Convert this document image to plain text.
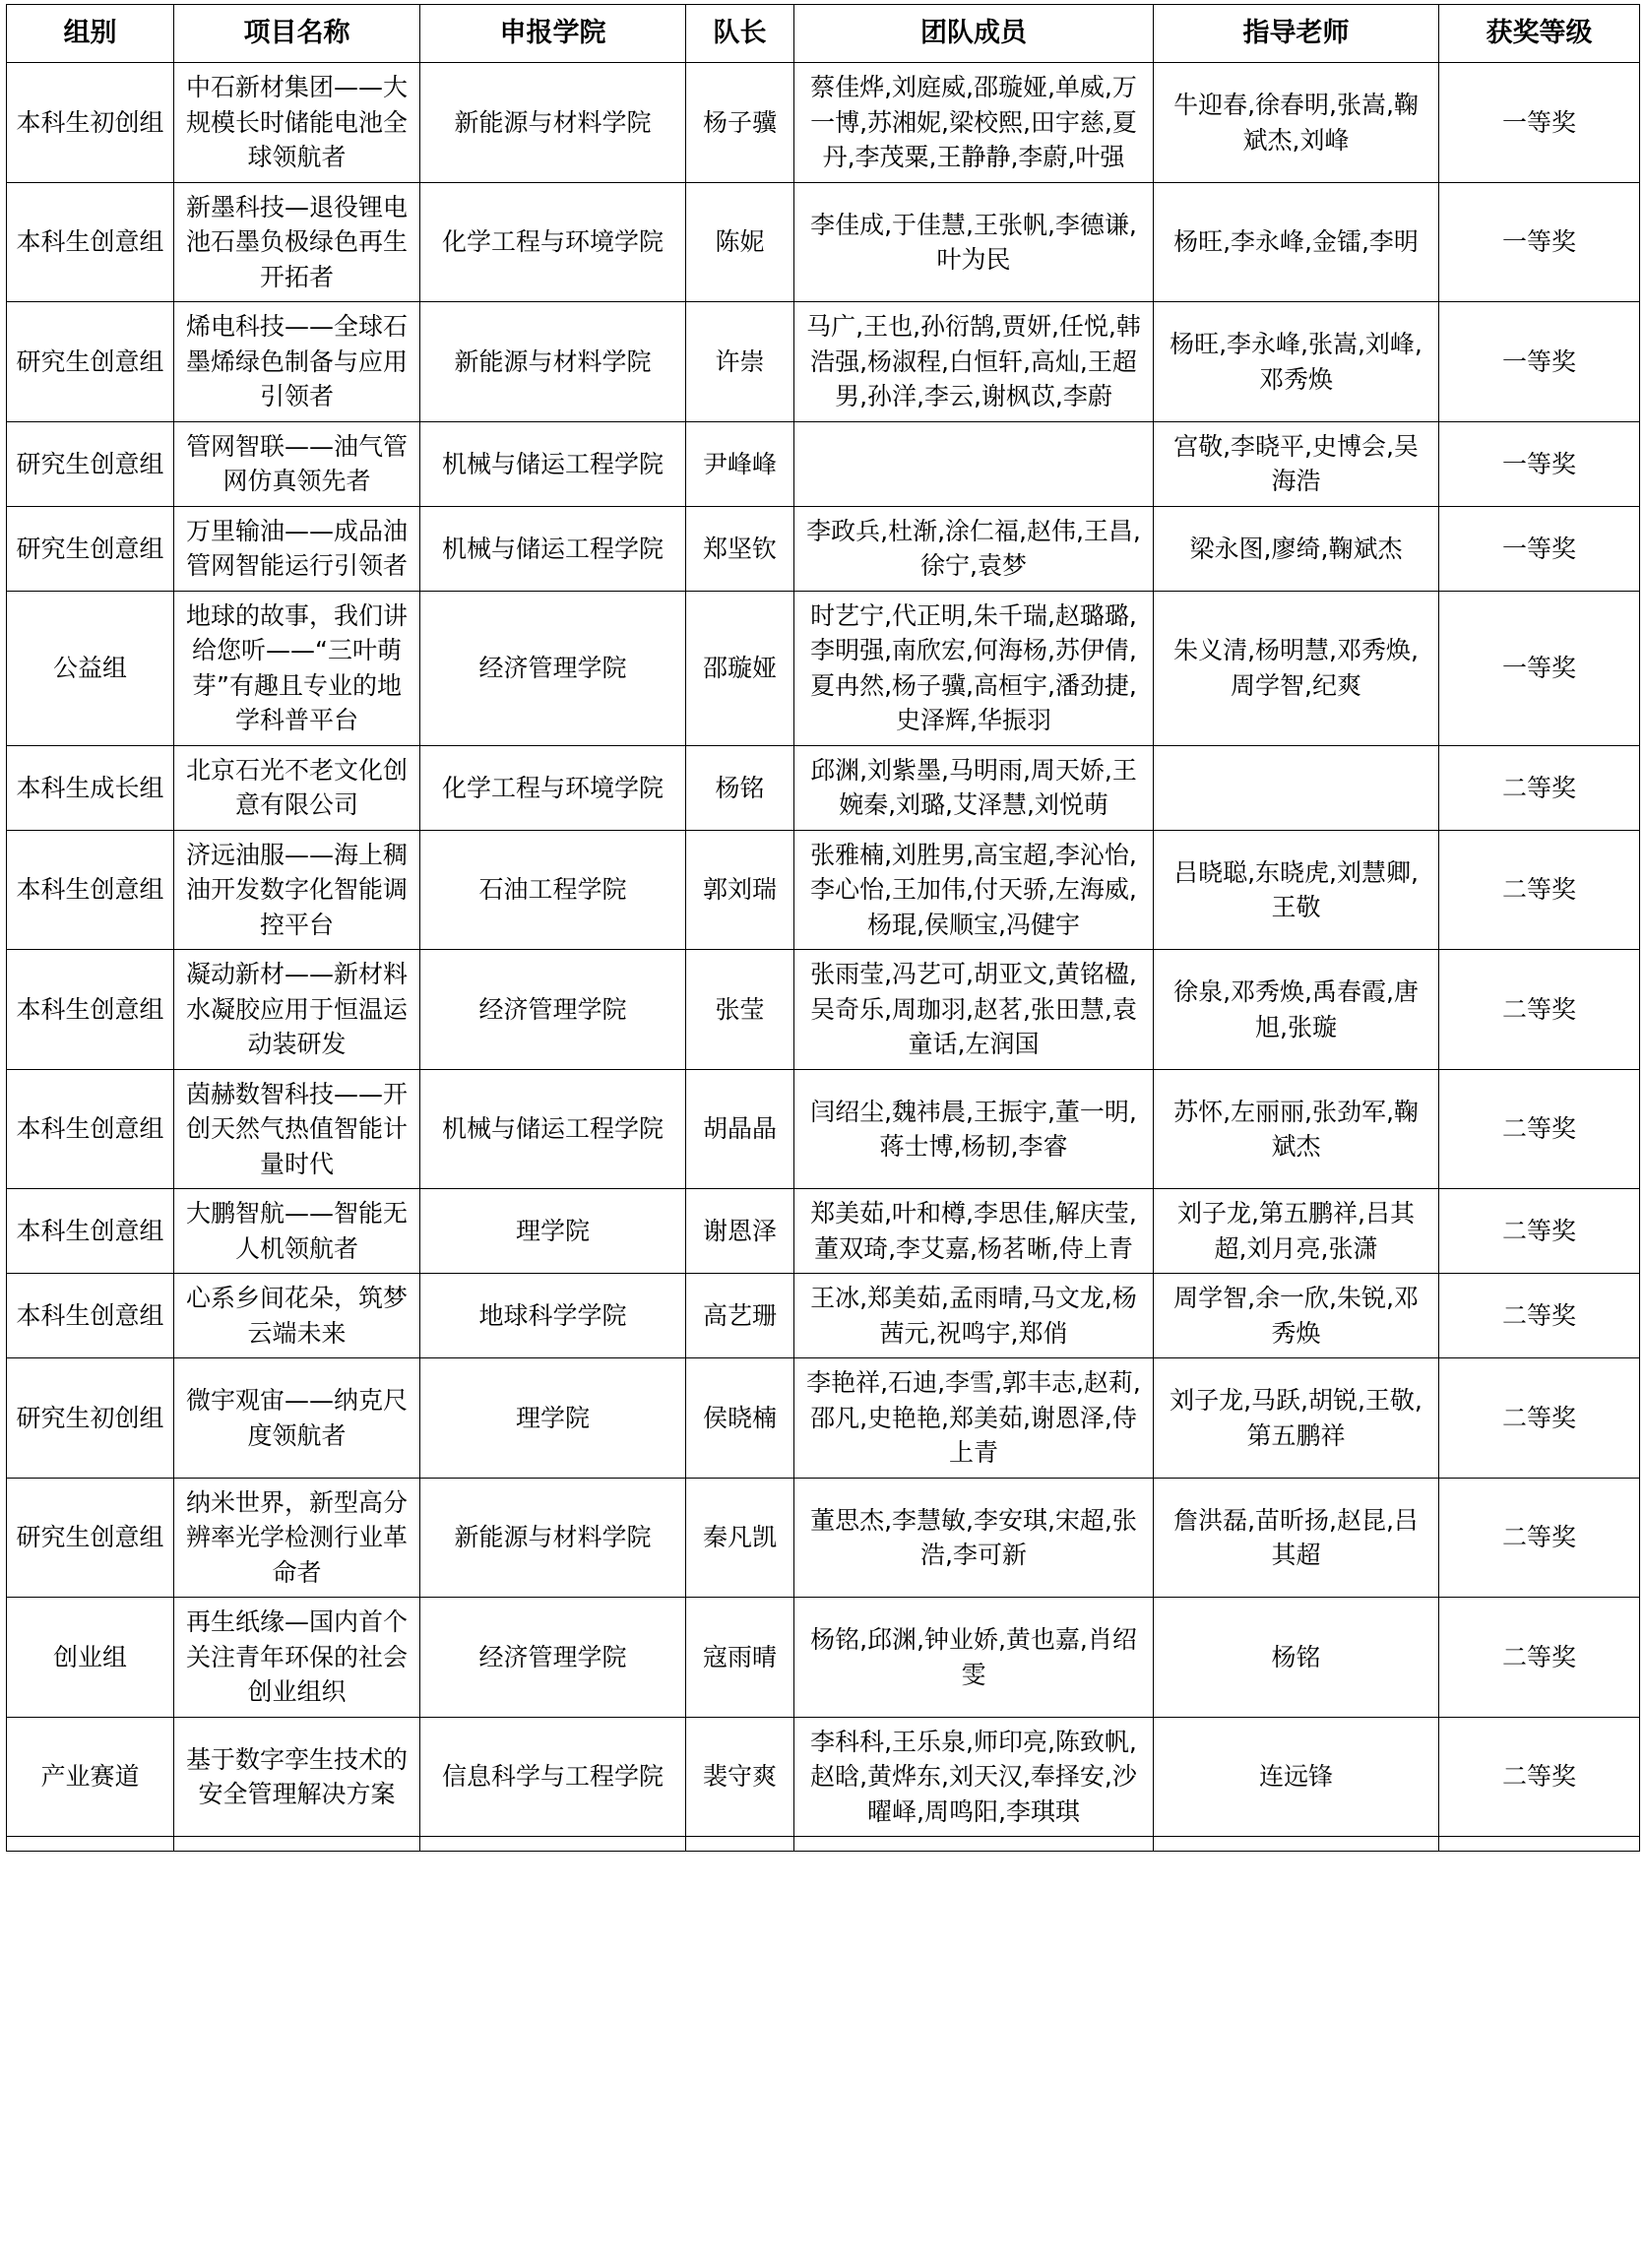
组别	项目名称	申报学院	队长	团队成员	指导老师	获奖等级
本科生初创组	中石新材集团——大规模长时储能电池全球领航者	新能源与材料学院	杨子骥	蔡佳烨,刘庭威,邵璇娅,单威,万一博,苏湘妮,梁校熙,田宇慈,夏丹,李茂粟,王静静,李蔚,叶强	牛迎春,徐春明,张嵩,鞠斌杰,刘峰	一等奖
本科生创意组	新墨科技—退役锂电池石墨负极绿色再生开拓者	化学工程与环境学院	陈妮	李佳成,于佳慧,王张帆,李德谦,叶为民	杨旺,李永峰,金镭,李明	一等奖
研究生创意组	烯电科技——全球石墨烯绿色制备与应用引领者	新能源与材料学院	许崇	马广,王也,孙衍鹄,贾妍,任悦,韩浩强,杨淑程,白恒轩,高灿,王超男,孙洋,李云,谢枫苡,李蔚	杨旺,李永峰,张嵩,刘峰,邓秀焕	一等奖
研究生创意组	管网智联——油气管网仿真领先者	机械与储运工程学院	尹峰峰		宫敬,李晓平,史博会,吴海浩	一等奖
研究生创意组	万里输油——成品油管网智能运行引领者	机械与储运工程学院	郑坚钦	李政兵,杜渐,涂仁福,赵伟,王昌,徐宁,袁梦	梁永图,廖绮,鞠斌杰	一等奖
公益组	地球的故事，我们讲给您听——“三叶萌芽”有趣且专业的地学科普平台	经济管理学院	邵璇娅	时艺宁,代正明,朱千瑞,赵璐璐,李明强,南欣宏,何海杨,苏伊倩,夏冉然,杨子骥,高桓宇,潘劲捷,史泽辉,华振羽	朱义清,杨明慧,邓秀焕,周学智,纪爽	一等奖
本科生成长组	北京石光不老文化创意有限公司	化学工程与环境学院	杨铭	邱渊,刘紫墨,马明雨,周天娇,王婉秦,刘璐,艾泽慧,刘悦萌		二等奖
本科生创意组	济远油服——海上稠油开发数字化智能调控平台	石油工程学院	郭刘瑞	张雅楠,刘胜男,高宝超,李沁怡,李心怡,王加伟,付天骄,左海威,杨琨,侯顺宝,冯健宇	吕晓聪,东晓虎,刘慧卿,王敬	二等奖
本科生创意组	凝动新材——新材料水凝胶应用于恒温运动装研发	经济管理学院	张莹	张雨莹,冯艺可,胡亚文,黄铭楹,吴奇乐,周珈羽,赵茗,张田慧,袁童话,左润国	徐泉,邓秀焕,禹春霞,唐旭,张璇	二等奖
本科生创意组	茵赫数智科技——开创天然气热值智能计量时代	机械与储运工程学院	胡晶晶	闫绍尘,魏祎晨,王振宇,董一明,蒋士博,杨韧,李睿	苏怀,左丽丽,张劲军,鞠斌杰	二等奖
本科生创意组	大鹏智航——智能无人机领航者	理学院	谢恩泽	郑美茹,叶和樽,李思佳,解庆莹,董双琦,李艾嘉,杨茗晰,侍上青	刘子龙,第五鹏祥,吕其超,刘月亮,张潇	二等奖
本科生创意组	心系乡间花朵，筑梦云端未来	地球科学学院	高艺珊	王冰,郑美茹,孟雨晴,马文龙,杨茜元,祝鸣宇,郑俏	周学智,余一欣,朱锐,邓秀焕	二等奖
研究生初创组	微宇观宙——纳克尺度领航者	理学院	侯晓楠	李艳祥,石迪,李雪,郭丰志,赵莉,邵凡,史艳艳,郑美茹,谢恩泽,侍上青	刘子龙,马跃,胡锐,王敬,第五鹏祥	二等奖
研究生创意组	纳米世界，新型高分辨率光学检测行业革命者	新能源与材料学院	秦凡凯	董思杰,李慧敏,李安琪,宋超,张浩,李可新	詹洪磊,苗昕扬,赵昆,吕其超	二等奖
创业组	再生纸缘—国内首个关注青年环保的社会创业组织	经济管理学院	寇雨晴	杨铭,邱渊,钟业娇,黄也嘉,肖绍雯	杨铭	二等奖
产业赛道	基于数字孪生技术的安全管理解决方案	信息科学与工程学院	裴守爽	李科科,王乐泉,师印亮,陈致帆,赵晗,黄烨东,刘天汉,奉择安,沙曜峄,周鸣阳,李琪琪	连远锋	二等奖
